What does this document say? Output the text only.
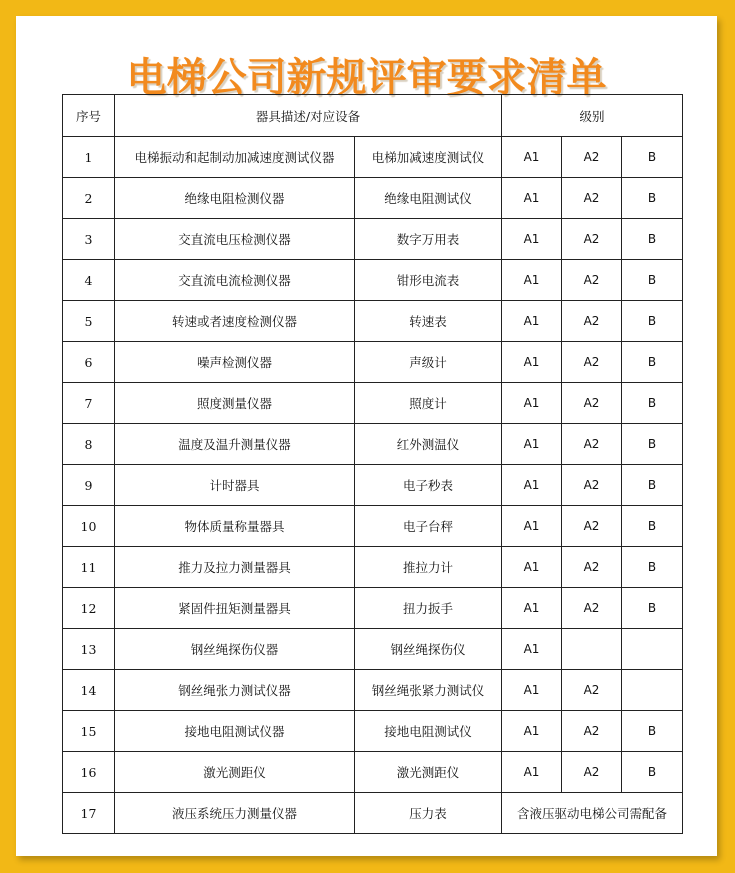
电梯公司新规评审要求清单
序号	器具描述/对应设备		级别		
1	电梯振动和起制动加减速度测试仪器	电梯加减速度测试仪	A1	A2	B
2	绝缘电阻检测仪器	绝缘电阻测试仪	A1	A2	B
3	交直流电压检测仪器	数字万用表	A1	A2	B
4	交直流电流检测仪器	钳形电流表	A1	A2	B
5	转速或者速度检测仪器	转速表	A1	A2	B
6	噪声检测仪器	声级计	A1	A2	B
7	照度测量仪器	照度计	A1	A2	B
8	温度及温升测量仪器	红外测温仪	A1	A2	B
9	计时器具	电子秒表	A1	A2	B
10	物体质量称量器具	电子台秤	A1	A2	B
11	推力及拉力测量器具	推拉力计	A1	A2	B
12	紧固件扭矩测量器具	扭力扳手	A1	A2	B
13	钢丝绳探伤仪器	钢丝绳探伤仪	A1		
14	钢丝绳张力测试仪器	钢丝绳张紧力测试仪	A1	A2	
15	接地电阻测试仪器	接地电阻测试仪	A1	A2	B
16	激光测距仪	激光测距仪	A1	A2	B
17	液压系统压力测量仪器	压力表	含液压驱动电梯公司需配备		
